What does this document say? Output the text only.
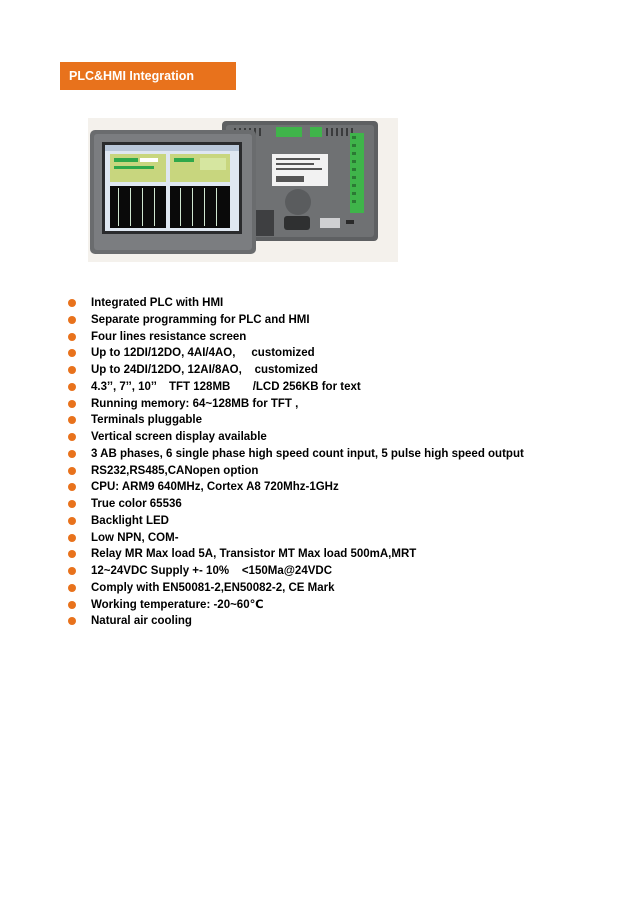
PLC&HMI Integration Product
Integrated PLC with HMI
Separate programming for PLC and HMI
Four lines resistance screen
Up to 12DI/12DO, 4AI/4AO,     customized
Up to 24DI/12DO, 12AI/8AO,    customized
4.3’’, 7’’, 10’’    TFT 128MB       /LCD 256KB for text
Running memory: 64~128MB for TFT ,
Terminals pluggable
Vertical screen display available
3 AB phases, 6 single phase high speed count input, 5 pulse high speed output
RS232,RS485,CANopen option
CPU: ARM9 640MHz, Cortex A8 720Mhz-1GHz
True color 65536
Backlight LED
Low NPN, COM-
Relay MR Max load 5A, Transistor MT Max load 500mA,MRT
12~24VDC Supply +- 10%    <150Ma@24VDC
Comply with EN50081-2,EN50082-2, CE Mark
Working temperature: -20~60℃
Natural air cooling
